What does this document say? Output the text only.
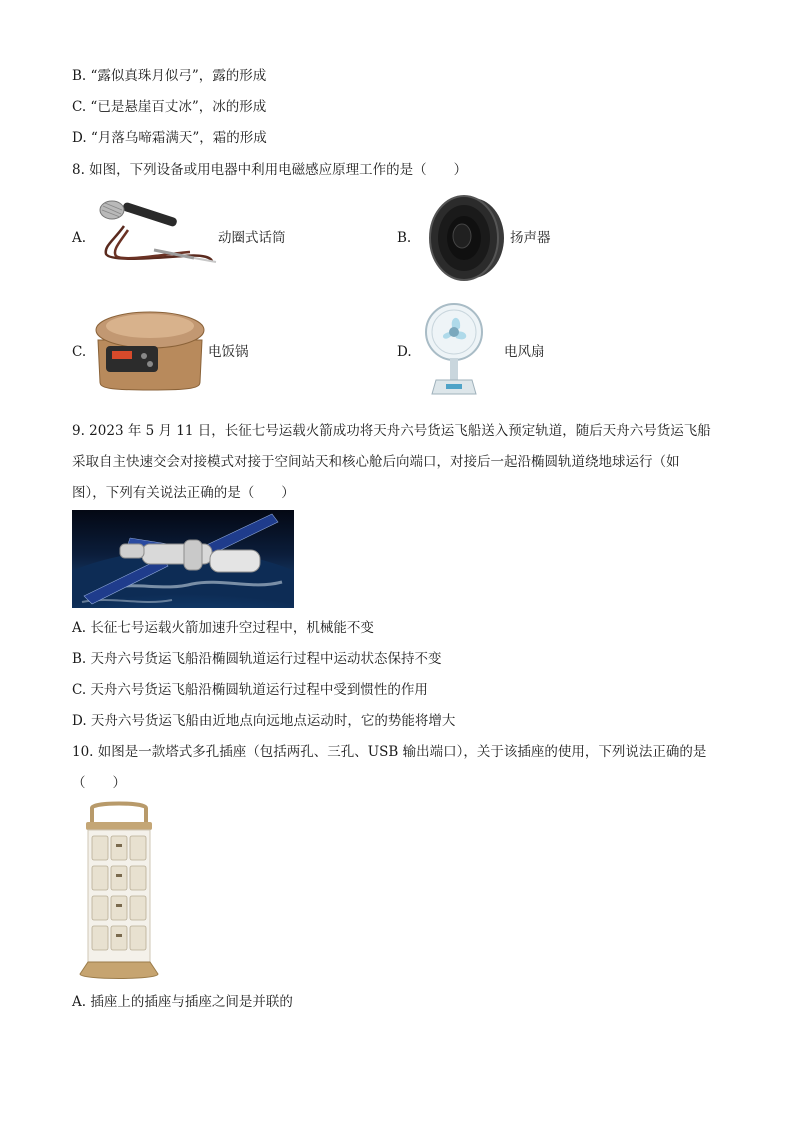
B. “露似真珠月似弓”，露的形成
C. “已是悬崖百丈冰”，冰的形成
D. “月落乌啼霜满天”，霜的形成
8. 如图，下列设备或用电器中利用电磁感应原理工作的是（　　）
A.	动圈式话筒	B.	扬声器
C.	电饭锅	D.	电风扇
9. 2023 年 5 月 11 日，长征七号运载火箭成功将天舟六号货运飞船送入预定轨道，随后天舟六号货运飞船
采取自主快速交会对接模式对接于空间站天和核心舱后向端口，对接后一起沿椭圆轨道绕地球运行（如
图），下列有关说法正确的是（　　）
A. 长征七号运载火箭加速升空过程中，机械能不变
B. 天舟六号货运飞船沿椭圆轨道运行过程中运动状态保持不变
C. 天舟六号货运飞船沿椭圆轨道运行过程中受到惯性的作用
D. 天舟六号货运飞船由近地点向远地点运动时，它的势能将增大
10. 如图是一款塔式多孔插座（包括两孔、三孔、USB 输出端口），关于该插座的使用，下列说法正确的是
（　　）
A. 插座上的插座与插座之间是并联的
